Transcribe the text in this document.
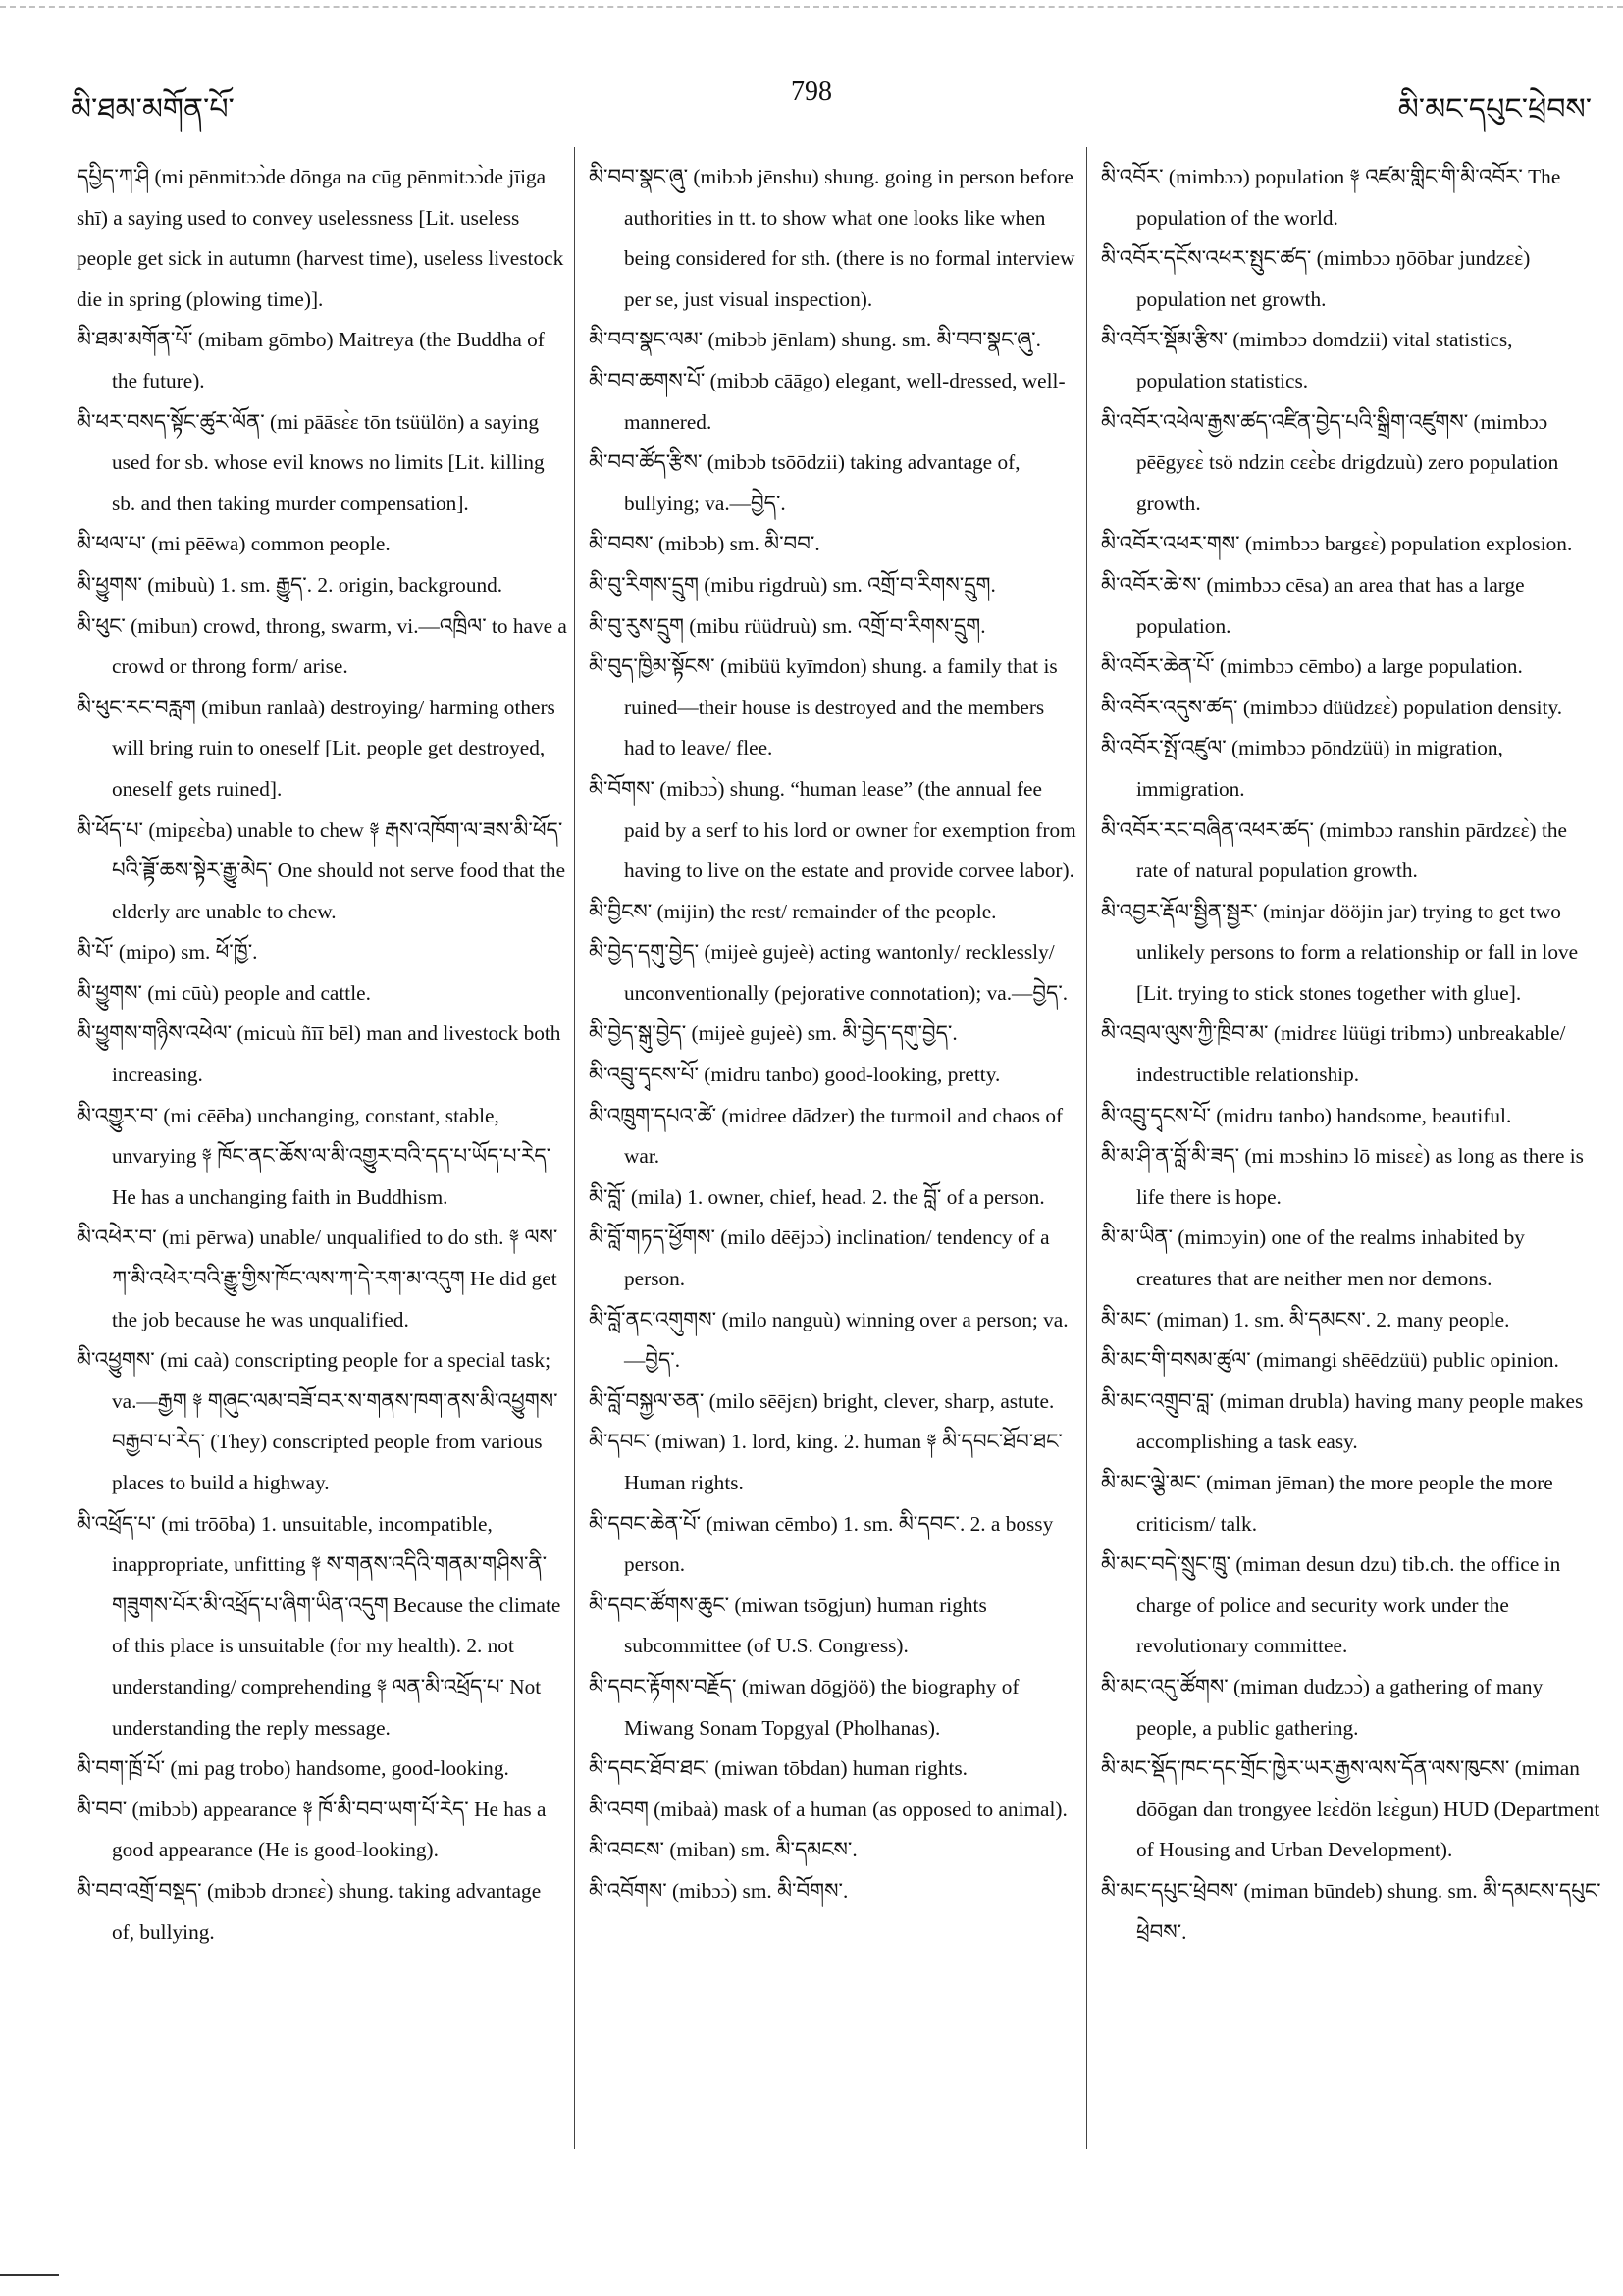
མི་ཐམ་མགོན་པོ་
798
མི་མང་དཔུང་ཕྲེབས་
དཔྱིད་ཀ་ཤི (mi pēnmitɔɔ̀de dōnga na cūg pēnmitɔɔ̀de jīiga shī) a saying used to convey uselessness [Lit. useless people get sick in autumn (harvest time), useless livestock die in spring (plowing time)].
མི་ཐམ་མགོན་པོ་ (mibam gōmbo) Maitreya (the Buddha of the future).
མི་ཕར་བསད་སྟོང་ཚུར་ལོན་ (mi pāāsɛ̀ɛ tōn tsüülön) a saying used for sb. whose evil knows no limits [Lit. killing sb. and then taking murder compensation].
མི་ཕལ་པ་ (mi pēēwa) common people.
མི་ཕྱུགས་ (mibuù) 1. sm. རྒྱུད་. 2. origin, background.
མི་ཕུང་ (mibun) crowd, throng, swarm, vi.—འཁྲིལ་ to have a crowd or throng form/ arise.
མི་ཕུང་རང་བརླག (mibun ranlaà) destroying/ harming others will bring ruin to oneself [Lit. people get destroyed, oneself gets ruined].
མི་ཕོད་པ་ (mipɛɛ̀ba) unable to chew ༈ རྒས་འཁོག་ལ་ཟས་མི་ཕོད་པའི་ཟྟོ་ཆས་སྟེར་རྒྱུ་མེད་ One should not serve food that the elderly are unable to chew.
མི་པོ་ (mipo) sm. ཕོ་ཁྱོ་.
མི་ཕྱུགས་ (mi cūù) people and cattle.
མི་ཕྱུགས་གཉིས་འཕེལ་ (micuù ñīī bēl) man and livestock both increasing.
མི་འགྱུར་བ་ (mi cēēba) unchanging, constant, stable, unvarying ༈ ཁོང་ནང་ཆོས་ལ་མི་འགྱུར་བའི་དད་པ་ཡོད་པ་རེད་ He has a unchanging faith in Buddhism.
མི་འཕེར་བ་ (mi pērwa) unable/ unqualified to do sth. ༈ ལས་ཀ་མི་འཕེར་བའི་རྒྱུ་གྱིས་ཁོང་ལས་ཀ་དེ་རག་མ་འདུག He did get the job because he was unqualified.
མི་འཕྱུགས་ (mi caà) conscripting people for a special task; va.—རྒྱག ༈ གཞུང་ལམ་བཟོ་བར་ས་གནས་ཁག་ནས་མི་འཕྱུགས་བརྒྱབ་པ་རེད་ (They) conscripted people from various places to build a highway.
མི་འཕྲོད་པ་ (mi trōōba) 1. unsuitable, incompatible, inappropriate, unfitting ༈ ས་གནས་འདིའི་གནམ་གཤིས་ནི་གཟུགས་པོར་མི་འཕྲོད་པ་ཞིག་ཡིན་འདུག Because the climate of this place is unsuitable (for my health). 2. not understanding/ comprehending ༈ ལན་མི་འཕྲོད་པ་ Not understanding the reply message.
མི་བག་ཁྲོ་པོ་ (mi pag trobo) handsome, good-looking.
མི་བབ་ (mibɔb) appearance ༈ ཁོ་མི་བབ་ཡག་པོ་རེད་ He has a good appearance (He is good-looking).
མི་བབ་འགྲོ་བསྡད་ (mibɔb drɔnɛɛ̀) shung. taking advantage of, bullying.
མི་བབ་སྣང་ཞུ་ (mibɔb jēnshu) shung. going in person before authorities in tt. to show what one looks like when being considered for sth. (there is no formal interview per se, just visual inspection).
མི་བབ་སྣང་ལམ་ (mibɔb jēnlam) shung. sm. མི་བབ་སྣང་ཞུ་.
མི་བབ་ཆགས་པོ་ (mibɔb cāāgo) elegant, well-dressed, well-mannered.
མི་བབ་ཚོད་རྩིས་ (mibɔb tsōōdzii) taking advantage of, bullying; va.—བྱེད་.
མི་བབས་ (mibɔb) sm. མི་བབ་.
མི་བུ་རིགས་དྲུག (mibu rigdruù) sm. འགྲོ་བ་རིགས་དྲུག.
མི་བུ་རུས་དྲུག (mibu rüüdruù) sm. འགྲོ་བ་རིགས་དྲུག.
མི་བུད་ཁྱིམ་སྟོངས་ (mibüü kyīmdon) shung. a family that is ruined—their house is destroyed and the members had to leave/ flee.
མི་བོགས་ (mibɔɔ̀) shung. “human lease” (the annual fee paid by a serf to his lord or owner for exemption from having to live on the estate and provide corvee labor).
མི་བྱིངས་ (mijin) the rest/ remainder of the people.
མི་བྱེད་དགུ་བྱེད་ (mijeè gujeè) acting wantonly/ recklessly/ unconventionally (pejorative connotation); va.—བྱེད་.
མི་བྱེད་སྒུ་བྱེད་ (mijeè gujeè) sm. མི་བྱེད་དགུ་བྱེད་.
མི་འབྲུ་དྭངས་པོ་ (midru tanbo) good-looking, pretty.
མི་འཁྲུག་དཔའ་ཚེ་ (midree dādzer) the turmoil and chaos of war.
མི་བློ་ (mila) 1. owner, chief, head. 2. the བློ་ of a person.
མི་བློ་གཏད་ཕྱོགས་ (milo dēējɔɔ̀) inclination/ tendency of a person.
མི་བློ་ནང་འགུགས་ (milo nanguù) winning over a person; va.—བྱེད་.
མི་བློ་བསྐྱལ་ཅན་ (milo sēējɛn) bright, clever, sharp, astute.
མི་དབང་ (miwan) 1. lord, king. 2. human ༈ མི་དབང་ཐོབ་ཐང་ Human rights.
མི་དབང་ཆེན་པོ་ (miwan cēmbo) 1. sm. མི་དབང་. 2. a bossy person.
མི་དབང་ཚོགས་ཆུང་ (miwan tsōgjun) human rights subcommittee (of U.S. Congress).
མི་དབང་རྟོགས་བརྗོད་ (miwan dōgjöö) the biography of Miwang Sonam Topgyal (Pholhanas).
མི་དབང་ཐོབ་ཐང་ (miwan tōbdan) human rights.
མི་འབག (mibaà) mask of a human (as opposed to animal).
མི་འབངས་ (miban) sm. མི་དམངས་.
མི་འབོགས་ (mibɔɔ̀) sm. མི་བོགས་.
མི་འབོར་ (mimbɔɔ) population ༈ འཛམ་གླིང་གི་མི་འབོར་ The population of the world.
མི་འབོར་དངོས་འཕར་སྤུང་ཚད་ (mimbɔɔ ŋōōbar jundzɛɛ̀) population net growth.
མི་འབོར་སྡོམ་རྩིས་ (mimbɔɔ domdzii) vital statistics, population statistics.
མི་འབོར་འཕེལ་རྒྱས་ཚད་འཛིན་བྱེད་པའི་སྒྲིག་འཛུགས་ (mimbɔɔ pēēgyɛɛ̀ tsö ndzin cɛɛ̀bɛ drigdzuù) zero population growth.
མི་འབོར་འཕར་གས་ (mimbɔɔ bargɛɛ̀) population explosion.
མི་འབོར་ཆེ་ས་ (mimbɔɔ cēsa) an area that has a large population.
མི་འབོར་ཆེན་པོ་ (mimbɔɔ cēmbo) a large population.
མི་འབོར་འདུས་ཚད་ (mimbɔɔ düüdzɛɛ̀) population density.
མི་འབོར་སྤོ་འཛུལ་ (mimbɔɔ pōndzüü) in migration, immigration.
མི་འབོར་རང་བཞིན་འཕར་ཚད་ (mimbɔɔ ranshin pārdzɛɛ̀) the rate of natural population growth.
མི་འབྱར་རྡོལ་སྦྱིན་སྦྱར་ (minjar dööjin jar) trying to get two unlikely persons to form a relationship or fall in love [Lit. trying to stick stones together with glue].
མི་འབྲལ་ལུས་ཀྱི་ཁྲིབ་མ་ (midrɛɛ lüügi tribmɔ) unbreakable/ indestructible relationship.
མི་འབྲུ་དྭངས་པོ་ (midru tanbo) handsome, beautiful.
མི་མ་ཤི་ན་བློ་མི་ཟད་ (mi mɔshinɔ lō misɛɛ̀) as long as there is life there is hope.
མི་མ་ཡིན་ (mimɔyin) one of the realms inhabited by creatures that are neither men nor demons.
མི་མང་ (miman) 1. sm. མི་དམངས་. 2. many people.
མི་མང་གི་བསམ་ཚུལ་ (mimangi shēēdzüü) public opinion.
མི་མང་འགྲུབ་བླ་ (miman drubla) having many people makes accomplishing a task easy.
མི་མང་ལྕེ་མང་ (miman jēman) the more people the more criticism/ talk.
མི་མང་བདེ་སྲུང་ཁྲུ་ (miman desun dzu) tib.ch. the office in charge of police and security work under the revolutionary committee.
མི་མང་འདུ་ཚོགས་ (miman dudzɔɔ̀) a gathering of many people, a public gathering.
མི་མང་སྡོད་ཁང་དང་གྲོང་ཁྱེར་ཡར་རྒྱས་ལས་དོན་ལས་ཁུངས་ (miman dōōgan dan trongyee lɛɛ̀dön lɛɛ̀gun) HUD (Department of Housing and Urban Development).
མི་མང་དཔུང་ཕྲེབས་ (miman būndeb) shung. sm. མི་དམངས་དཔུང་ཕྲེབས་.
